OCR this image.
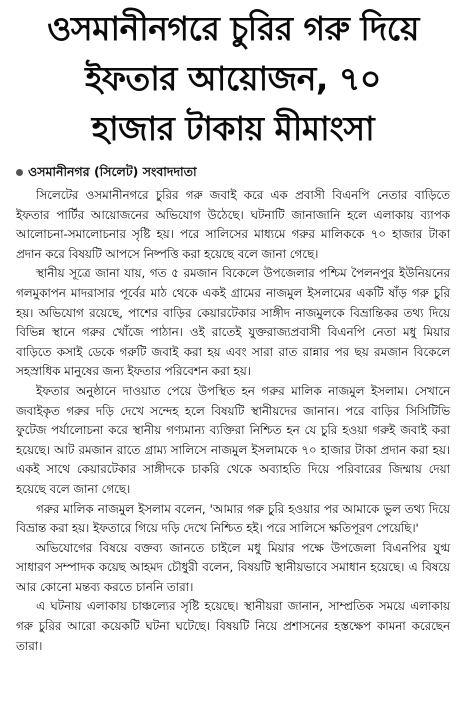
ওসমানীনগরে চুরির গরু দিয়ে
ইফতার আয়োজন, ৭০
হাজার টাকায় মীমাংসা
ওসমানীনগর (সিলেট) সংবাদদাতা

সিলেটের ওসমানীনগরে চুরির গরু জবাই করে এক প্রবাসী বিএনপি নেতার বাড়িতে ইফতার পার্টির আয়োজনের অভিযোগ উঠেছে। ঘটনাটি জানাজানি হলে এলাকায় ব্যাপক আলোচনা-সমালোচনার সৃষ্টি হয়। পরে সালিসের মাধ্যমে গরুর মালিককে ৭০ হাজার টাকা প্রদান করে বিষয়টি আপসে নিষ্পত্তি করা হয়েছে বলে জানা গেছে।

স্থানীয় সূত্রে জানা যায়, গত ৫ রমজান বিকেলে উপজেলার পশ্চিম পৈলনপুর ইউনিয়নের গলমুকাপন মাদরাসার পূর্বের মাঠ থেকে একই গ্রামের নাজমুল ইসলামের একটি ষাঁড় গরু চুরি হয়। অভিযোগ রয়েছে, পাশের বাড়ির কেয়ারটেকার সাঙ্গীদ নাজমুলকে বিভ্রান্তিকর তথ্য দিয়ে বিভিন্ন স্থানে গরুর খোঁজে পাঠান। ওই রাতেই যুক্তরাজ্যপ্রবাসী বিএনপি নেতা মধু মিয়ার বাড়িতে কসাই ডেকে গরুটি জবাই করা হয় এবং সারা রাত রান্নার পর ছয় রমজান বিকেলে সহস্রাধিক মানুষের জন্য ইফতার পরিবেশন করা হয়।

ইফতার অনুষ্ঠানে দাওয়াত পেয়ে উপস্থিত হন গরুর মালিক নাজমুল ইসলাম। সেখানে জবাইকৃত গরুর দড়ি দেখে সন্দেহ হলে বিষয়টি স্থানীয়দের জানান। পরে বাড়ির সিসিটিভি ফুটেজ পর্যালোচনা করে স্থানীয় গণ্যমান্য ব্যক্তিরা নিশ্চিত হন যে চুরি হওয়া গরুই জবাই করা হয়েছে। আট রমজান রাতে গ্রাম্য সালিসে নাজমুল ইসলামকে ৭০ হাজার টাকা প্রদান করা হয়। একই সাথে কেয়ারটেকার সাঙ্গীদকে চাকরি থেকে অব্যাহতি দিয়ে পরিবারের জিম্মায় দেয়া হয়েছে বলে জানা গেছে।

গরুর মালিক নাজমুল ইসলাম বলেন, 'আমার গরু চুরি হওয়ার পর আমাকে ভুল তথ্য দিয়ে বিভ্রান্ত করা হয়। ইফতারে গিয়ে দড়ি দেখে নিশ্চিত হই। পরে সালিসে ক্ষতিপূরণ পেয়েছি।'

অভিযোগের বিষয়ে বক্তব্য জানতে চাইলে মধু মিয়ার পক্ষে উপজেলা বিএনপির যুগ্ম সাধারণ সম্পাদক কয়েছ আহমদ চৌধুরী বলেন, বিষয়টি স্থানীয়ভাবে সমাধান হয়েছে। এ বিষয়ে আর কোনো মন্তব্য করতে চাননি তারা।

এ ঘটনায় এলাকায় চাঞ্চল্যের সৃষ্টি হয়েছে। স্থানীয়রা জানান, সাম্প্রতিক সময়ে এলাকায় গরু চুরির আরো কয়েকটি ঘটনা ঘটেছে। বিষয়টি নিয়ে প্রশাসনের হস্তক্ষেপ কামনা করেছেন তারা।
